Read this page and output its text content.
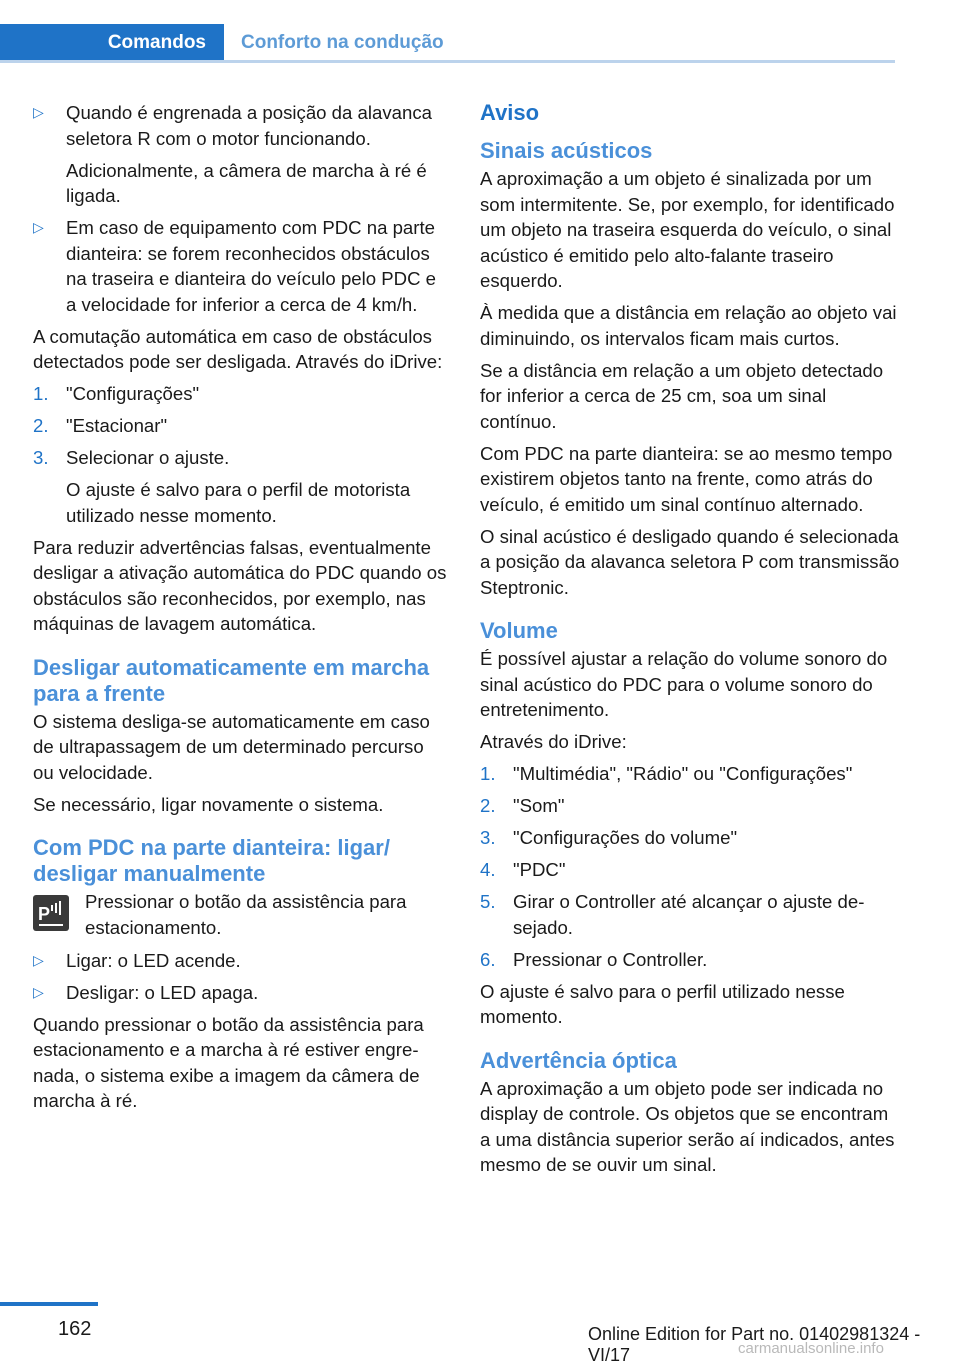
Comandos	Conforto na condução
▷ Quando é engrenada a posição da alavanca seletora R com o motor funcionando.
Adicionalmente, a câmera de marcha à ré é ligada.
▷ Em caso de equipamento com PDC na parte dianteira: se forem reconhecidos obstáculos na traseira e dianteira do veículo pelo PDC e a velocidade for inferior a cerca de 4 km/h.

A comutação automática em caso de obstáculos detectados pode ser desligada. Através do iDrive:

1. "Configurações"
2. "Estacionar"
3. Selecionar o ajuste.
O ajuste é salvo para o perfil de motorista utilizado nesse momento.

Para reduzir advertências falsas, eventualmente desligar a ativação automática do PDC quando os obstáculos são reconhecidos, por exemplo, nas máquinas de lavagem automática.

Desligar automaticamente em marcha para a frente

O sistema desliga-se automaticamente em caso de ultrapassagem de um determinado percurso ou velocidade.

Se necessário, ligar novamente o sistema.

Com PDC na parte dianteira: ligar/ desligar manualmente
P
Pressionar o botão da assistência para estacionamento.
▷ Ligar: o LED acende.
▷ Desligar: o LED apaga.

Quando pressionar o botão da assistência para estacionamento e a marcha à ré estiver engrenada, o sistema exibe a imagem da câmera de marcha à ré.

Aviso
Sinais acústicos

A aproximação a um objeto é sinalizada por um som intermitente. Se, por exemplo, for identificado um objeto na traseira esquerda do veículo, o sinal acústico é emitido pelo alto-falante traseiro esquerdo.

À medida que a distância em relação ao objeto vai diminuindo, os intervalos ficam mais curtos.

Se a distância em relação a um objeto detectado for inferior a cerca de 25 cm, soa um sinal contínuo.

Com PDC na parte dianteira: se ao mesmo tempo existirem objetos tanto na frente, como atrás do veículo, é emitido um sinal contínuo alternado.

O sinal acústico é desligado quando é selecionada a posição da alavanca seletora P com transmissão Steptronic.

Volume

É possível ajustar a relação do volume sonoro do sinal acústico do PDC para o volume sonoro do entretenimento.

Através do iDrive:

1. "Multimédia", "Rádio" ou "Configurações"
2. "Som"
3. "Configurações do volume"
4. "PDC"
5. Girar o Controller até alcançar o ajuste desejado.
6. Pressionar o Controller.

O ajuste é salvo para o perfil utilizado nesse momento.

Advertência óptica

A aproximação a um objeto pode ser indicada no display de controle. Os objetos que se encontram a uma distância superior serão aí indicados, antes mesmo de se ouvir um sinal.

162	Online Edition for Part no. 01402981324 - VI/17	carmanualsonline.info
